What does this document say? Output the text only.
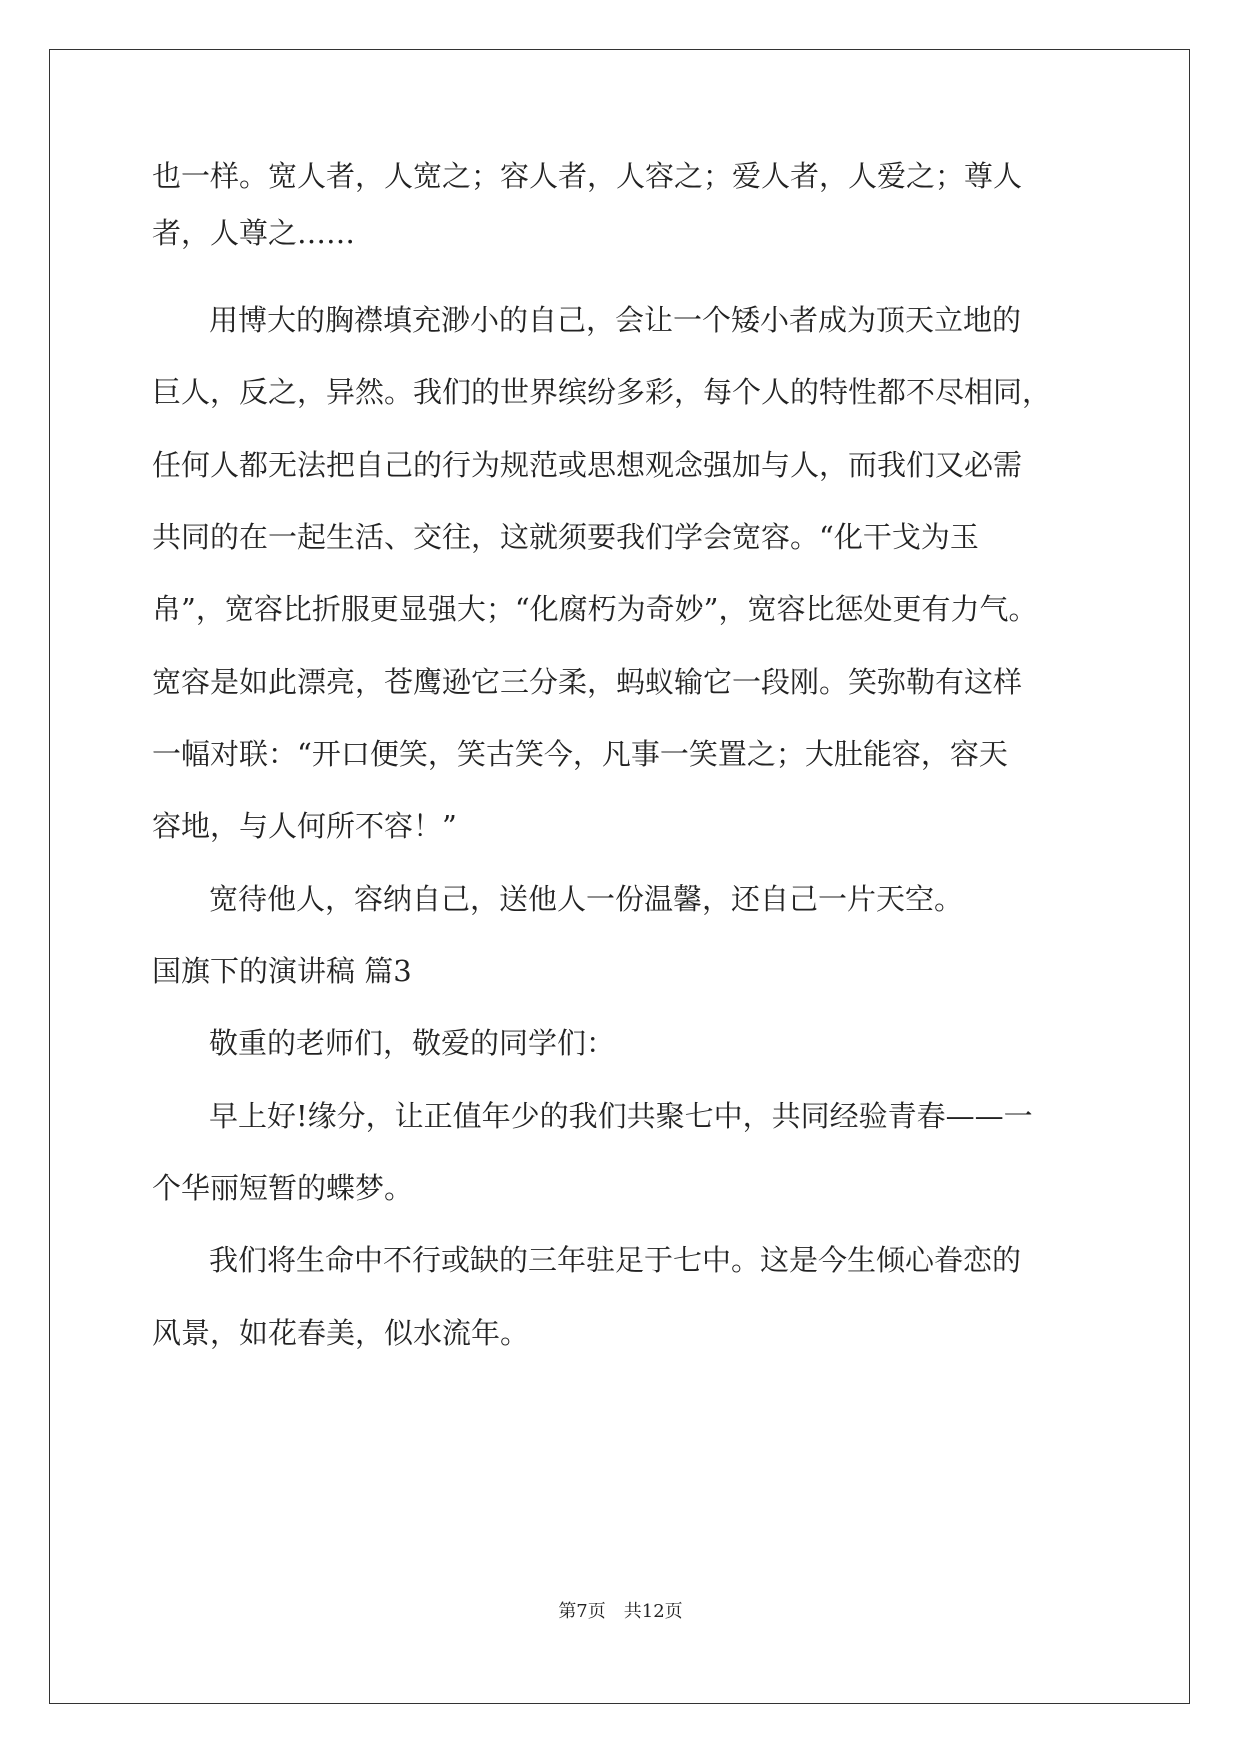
也一样。宽人者，人宽之；容人者，人容之；爱人者，人爱之；尊人
者，人尊之……
用博大的胸襟填充渺小的自己，会让一个矮小者成为顶天立地的
巨人，反之，异然。我们的世界缤纷多彩，每个人的特性都不尽相同，
任何人都无法把自己的行为规范或思想观念强加与人，而我们又必需
共同的在一起生活、交往，这就须要我们学会宽容。“化干戈为玉
帛”，宽容比折服更显强大；“化腐朽为奇妙”，宽容比惩处更有力气。
宽容是如此漂亮，苍鹰逊它三分柔，蚂蚁输它一段刚。笑弥勒有这样
一幅对联：“开口便笑，笑古笑今，凡事一笑置之；大肚能容，容天
容地，与人何所不容！”
宽待他人，容纳自己，送他人一份温馨，还自己一片天空。
国旗下的演讲稿 篇3
敬重的老师们，敬爱的同学们：
早上好!缘分，让正值年少的我们共聚七中，共同经验青春——一
个华丽短暂的蝶梦。
我们将生命中不行或缺的三年驻足于七中。这是今生倾心眷恋的
风景，如花春美，似水流年。
第7页　共12页
